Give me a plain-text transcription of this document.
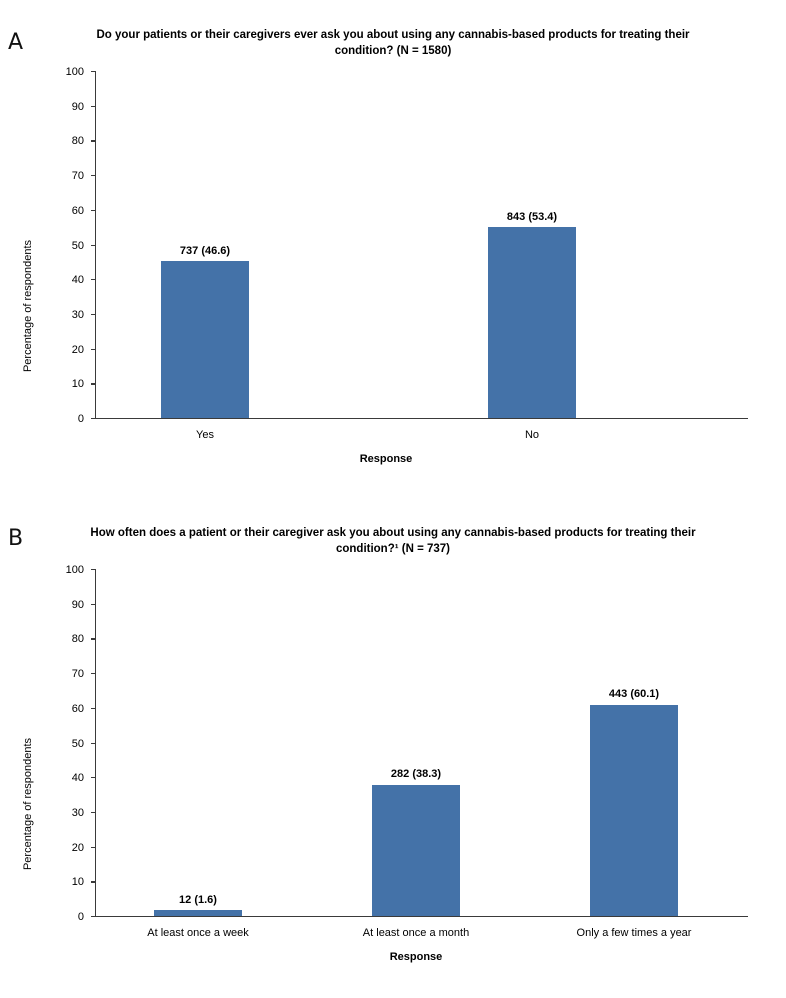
A	Do your patients or their caregivers ever ask you about using any cannabis-based products for treating their condition? (N = 1580)
Percentage of respondents
0
10
20
30
40
50
60
70
80
90
100
737 (46.6)
843 (53.4)
Yes	No
Response
B	How often does a patient or their caregiver ask you about using any cannabis-based products for treating their condition?¹ (N = 737)
Percentage of respondents
0
10
20
30
40
50
60
70
80
90
100
12 (1.6)
282 (38.3)
443 (60.1)
At least once a week	At least once a month	Only a few times a year
Response
